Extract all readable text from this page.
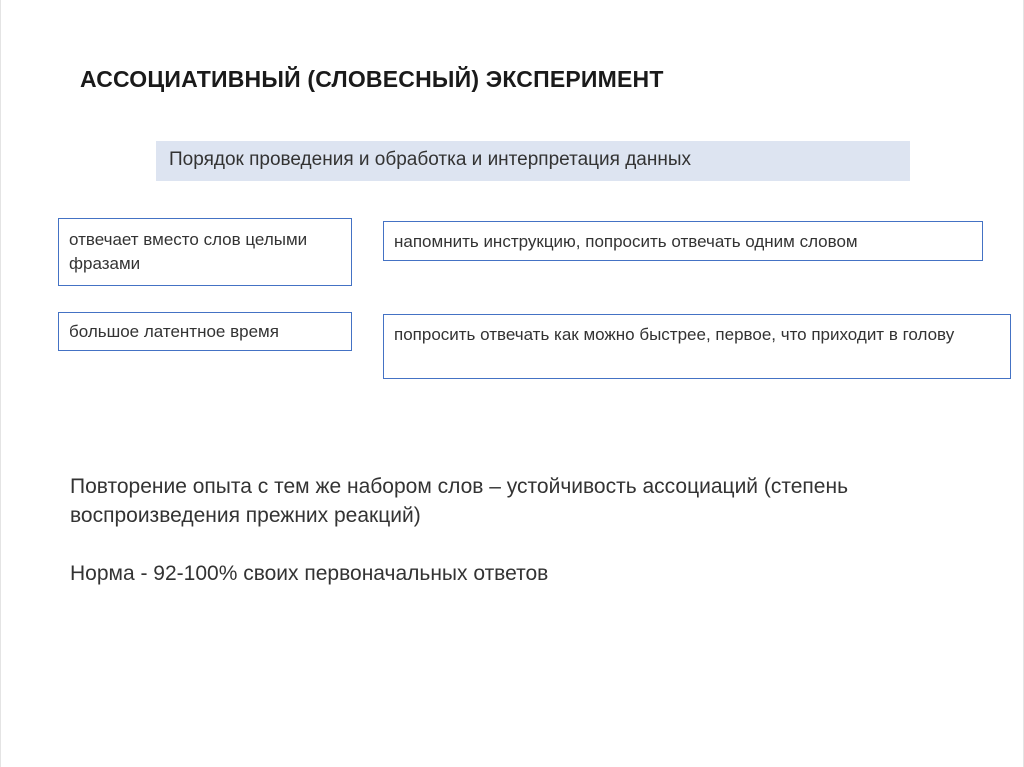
АССОЦИАТИВНЫЙ (СЛОВЕСНЫЙ) ЭКСПЕРИМЕНТ
Порядок проведения и обработка и интерпретация данных
отвечает вместо слов целыми фразами
напомнить инструкцию, попросить отвечать одним словом
большое латентное время	попросить отвечать как можно быстрее, первое, что приходит в голову

Повторение опыта с тем же набором слов – устойчивость ассоциаций (степень воспроизведения прежних реакций)

Норма - 92-100% своих первоначальных ответов
